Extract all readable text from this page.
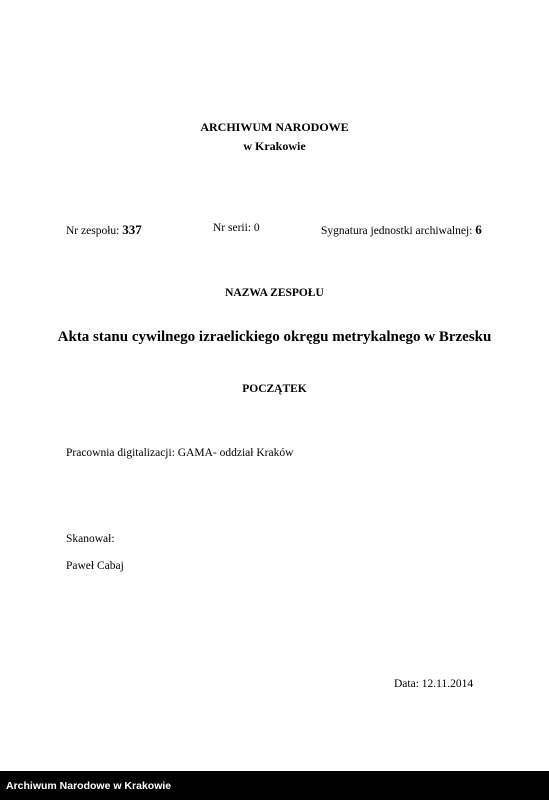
ARCHIWUM NARODOWE
w Krakowie
Nr zespołu: 337	Nr serii: 0	Sygnatura jednostki archiwalnej: 6
NAZWA ZESPOŁU
Akta stanu cywilnego izraelickiego okręgu metrykalnego w Brzesku
POCZĄTEK
Pracownia digitalizacji: GAMA- oddział Kraków
Skanował:
Paweł Cabaj
Data: 12.11.2014
Archiwum Narodowe w Krakowie
